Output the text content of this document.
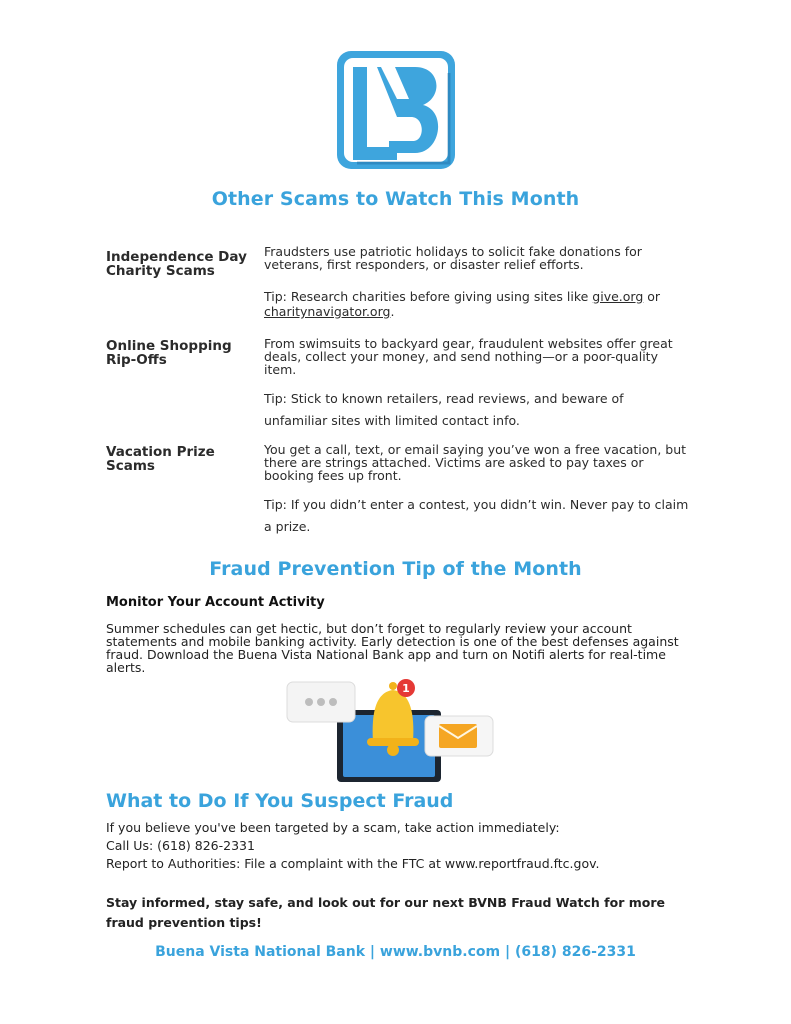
Other Scams to Watch This Month
Independence Day
Charity Scams
Fraudsters use patriotic holidays to solicit fake donations for veterans, first responders, or disaster relief efforts.
Tip: Research charities before giving using sites like give.org or charitynavigator.org.
Online Shopping
Rip-Offs
From swimsuits to backyard gear, fraudulent websites offer great deals, collect your money, and send nothing—or a poor-quality item.
Tip: Stick to known retailers, read reviews, and beware of unfamiliar sites with limited contact info.
Vacation Prize
Scams
You get a call, text, or email saying you’ve won a free vacation, but there are strings attached. Victims are asked to pay taxes or booking fees up front.
Tip: If you didn’t enter a contest, you didn’t win. Never pay to claim a prize.
Fraud Prevention Tip of the Month
Monitor Your Account Activity
Summer schedules can get hectic, but don’t forget to regularly review your account statements and mobile banking activity. Early detection is one of the best defenses against fraud. Download the Buena Vista National Bank app and turn on Notifi alerts for real-time alerts.
1
What to Do If You Suspect Fraud
If you believe you've been targeted by a scam, take action immediately:
Call Us: (618) 826-2331
Report to Authorities: File a complaint with the FTC at www.reportfraud.ftc.gov.
Stay informed, stay safe, and look out for our next BVNB Fraud Watch for more fraud prevention tips!
Buena Vista National Bank | www.bvnb.com | (618) 826-2331
